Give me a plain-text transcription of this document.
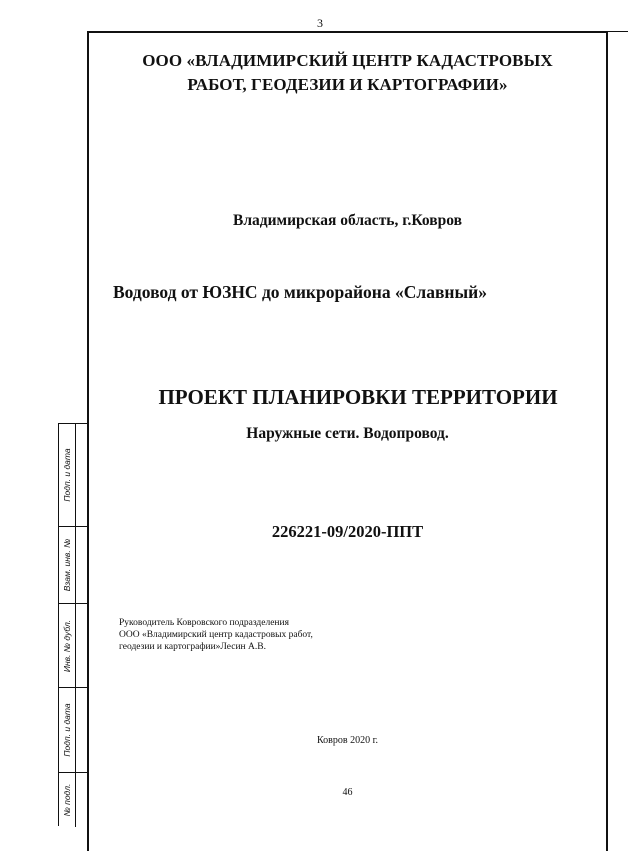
3
ООО «ВЛАДИМИРСКИЙ ЦЕНТР КАДАСТРОВЫХ
РАБОТ, ГЕОДЕЗИИ И КАРТОГРАФИИ»
Владимирская область, г.Ковров
Водовод от ЮЗНС до микрорайона «Славный»
ПРОЕКТ ПЛАНИРОВКИ ТЕРРИТОРИИ
Наружные сети. Водопровод.
226221-09/2020-ППТ
Руководитель Ковровского подразделения
ООО «Владимирский центр кадастровых работ,
геодезии и картографии»Лесин А.В.
Ковров 2020 г.
46
Подп. и дата
Взам. инв. №
Инв. № дубл.
Подп. и дата
№ подл.
